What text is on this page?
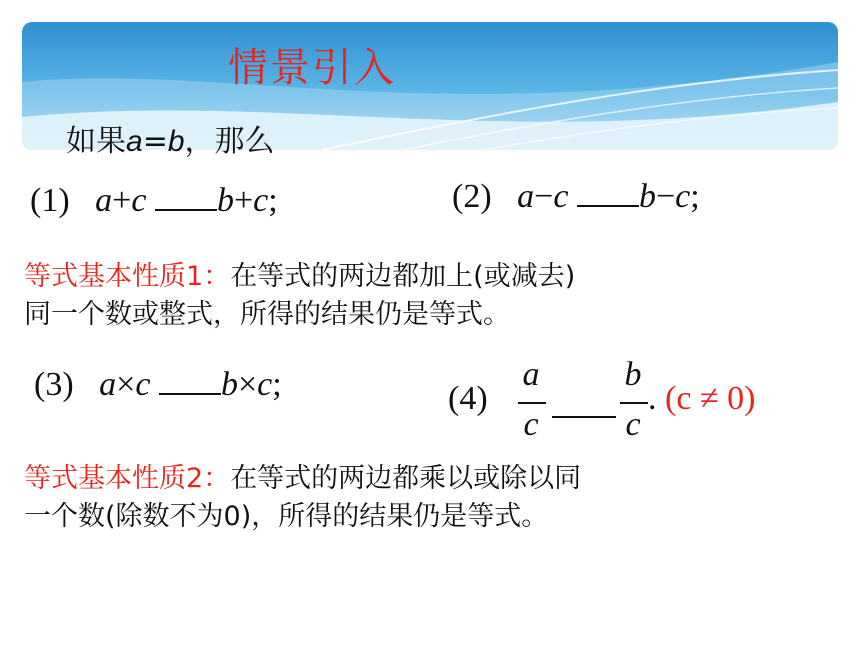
情景引入
如果a=b，那么
(1) a+c b+c;	(2) a−c b−c;
等式基本性质1：在等式的两边都加上(或减去)
同一个数或整式，所得的结果仍是等式。
(3) a×c b×c;	(4)
a
c
b
c
. (c ≠ 0)
等式基本性质2：在等式的两边都乘以或除以同
一个数(除数不为0)，所得的结果仍是等式。
